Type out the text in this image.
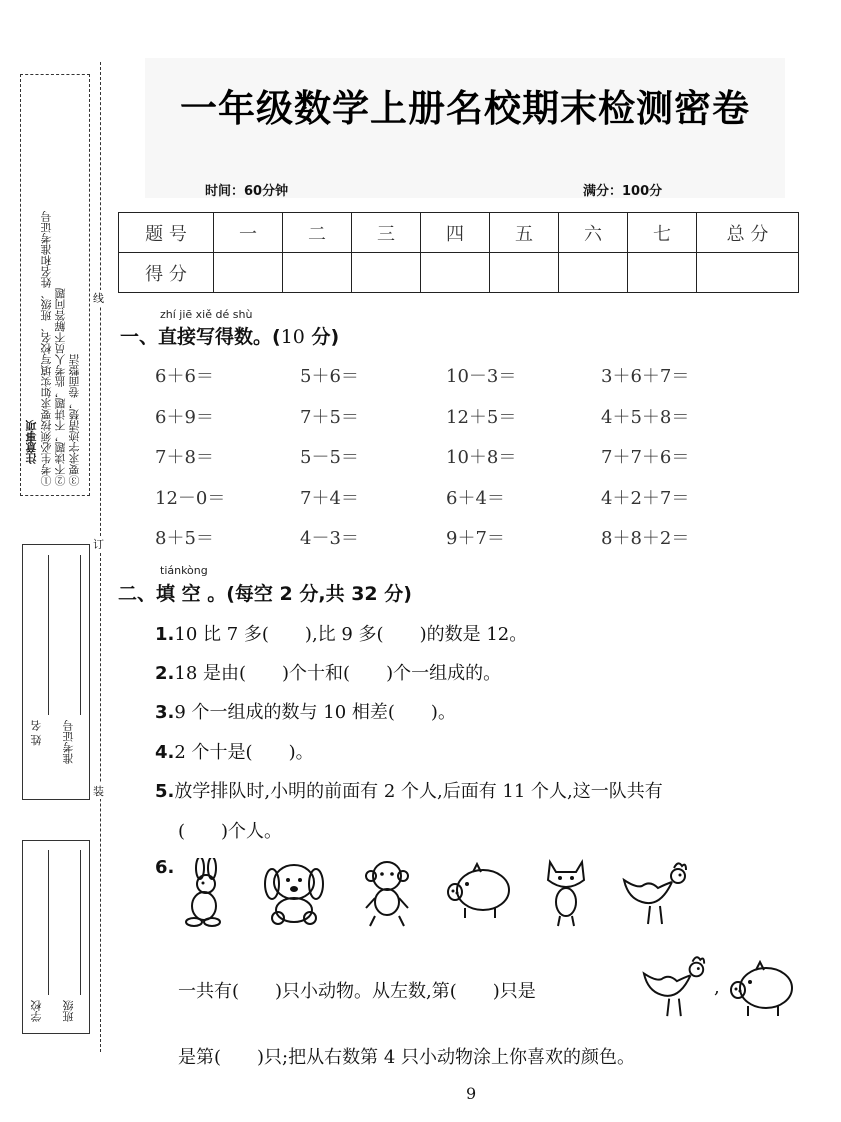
一年级数学上册名校期末检测密卷
时间：60分钟	满分：100分
题 号	一	二	三	四	五	六	七	总 分
得 分								
线
订
装
注意事项 ①考生必须按要求如实填写校名、班级、姓名和准考证号 ②不读题，不讲题，监考人员不解答问题 ③要求字迹清楚，卷面整洁
姓 名 准考证号
学校 班级
zhí jiē xiě dé shù
一、直接写得数。(10 分)
6＋6＝	5＋6＝	10－3＝	3＋6＋7＝
6＋9＝	7＋5＝	12＋5＝	4＋5＋8＝
7＋8＝	5－5＝	10＋8＝	7＋7＋6＝
12－0＝	7＋4＝	6＋4＝	4＋2＋7＝
8＋5＝	4－3＝	9＋7＝	8＋8＋2＝
tiánkòng
二、填 空 。(每空 2 分,共 32 分)
1.10 比 7 多(　　),比 9 多(　　)的数是 12。
2.18 是由(　　)个十和(　　)个一组成的。
3.9 个一组成的数与 10 相差(　　)。
4.2 个十是(　　)。
5.放学排队时,小明的前面有 2 个人,后面有 11 个人,这一队共有
(　　)个人。
6.
一共有(　　)只小动物。从左数,第(　　)只是	,
是第(　　)只;把从右数第 4 只小动物涂上你喜欢的颜色。
9
